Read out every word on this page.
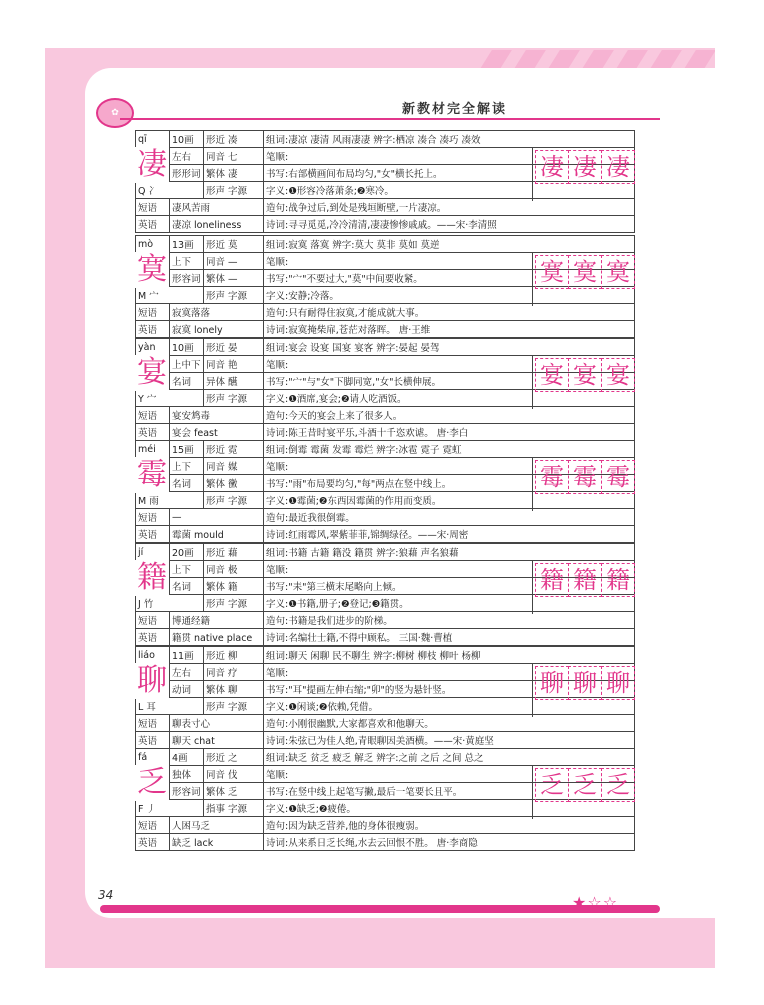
✿	新教材完全解读
qī	10画	形近 凑	组词:凄凉 凄清 风雨凄凄 辨字:栖凉 凑合 凑巧 凑效
	左右	同音 七	笔顺:
	形形词	繁体 凄	书写:右部横画间布局均匀,"女"横长托上。
Q 冫		形声 字源	字义:❶形容冷落萧条;❷寒冷。
短语	凄风苦雨		造句:战争过后,到处是残垣断壁,一片凄凉。
英语	凄凉 loneliness		诗词:寻寻觅觅,冷冷清清,凄凄惨惨戚戚。——宋·李清照
凄	凄 凄 凄
mò	13画	形近 莫	组词:寂寞 落寞 辨字:莫大 莫非 莫如 莫逆
	上下	同音 —	笔顺:
	形容词	繁体 —	书写:"宀"不要过大,"莫"中间要收紧。
M 宀		形声 字源	字义:安静;冷落。
短语	寂寞落落		造句:只有耐得住寂寞,才能成就大事。
英语	寂寞 lonely		诗词:寂寞掩柴扉,苍茫对落晖。 唐·王维
寞	寞 寞 寞
yàn	10画	形近 晏	组词:宴会 设宴 国宴 宴客 辨字:晏起 晏驾
	上中下	同音 艳	笔顺:
	名词	异体 醼	书写:"宀"与"女"下脚同宽,"女"长横伸展。
Y 宀		形声 字源	字义:❶酒席,宴会;❷请人吃酒饭。
短语	宴安鸩毒		造句:今天的宴会上来了很多人。
英语	宴会 feast		诗词:陈王昔时宴平乐,斗酒十千恣欢谑。 唐·李白
宴	宴 宴 宴
méi	15画	形近 霓	组词:倒霉 霉菌 发霉 霉烂 辨字:冰雹 霓子 霓虹
	上下	同音 媒	笔顺:
	名词	繁体 黴	书写:"雨"布局要均匀,"每"两点在竖中线上。
M 雨		形声 字源	字义:❶霉菌;❷东西因霉菌的作用而变质。
短语	—		造句:最近我很倒霉。
英语	霉菌 mould		诗词:红雨霉风,翠紫菲菲,锦绸绿径。——宋·周密
霉	霉 霉 霉
jí	20画	形近 藉	组词:书籍 古籍 籍没 籍贯 辨字:狼藉 声名狼藉
	上下	同音 极	笔顺:
	名词	繁体 籍	书写:"耒"第三横末尾略向上倾。
J 竹		形声 字源	字义:❶书籍,册子;❷登记;❸籍贯。
短语	博通经籍		造句:书籍是我们进步的阶梯。
英语	籍贯 native place		诗词:名编壮士籍,不得中顾私。 三国·魏·曹植
籍	籍 籍 籍
liáo	11画	形近 柳	组词:聊天 闲聊 民不聊生 辨字:柳树 柳枝 柳叶 杨柳
	左右	同音 疗	笔顺:
	动词	繁体 聊	书写:"耳"提画左伸右缩;"卯"的竖为悬针竖。
L 耳		形声 字源	字义:❶闲谈;❷依赖,凭借。
短语	聊表寸心		造句:小刚很幽默,大家都喜欢和他聊天。
英语	聊天 chat		诗词:朱弦已为佳人绝,青眼聊因美酒横。——宋·黄庭坚
聊	聊 聊 聊
fá	4画	形近 之	组词:缺乏 贫乏 疲乏 解乏 辨字:之前 之后 之间 总之
	独体	同音 伐	笔顺:
	形容词	繁体 乏	书写:在竖中线上起笔写撇,最后一笔要长且平。
F 丿		指事 字源	字义:❶缺乏;❷疲倦。
短语	人困马乏		造句:因为缺乏营养,他的身体很瘦弱。
英语	缺乏 lack		诗词:从来系日乏长绳,水去云回恨不胜。 唐·李商隐
乏	乏 乏 乏
34	★☆☆
